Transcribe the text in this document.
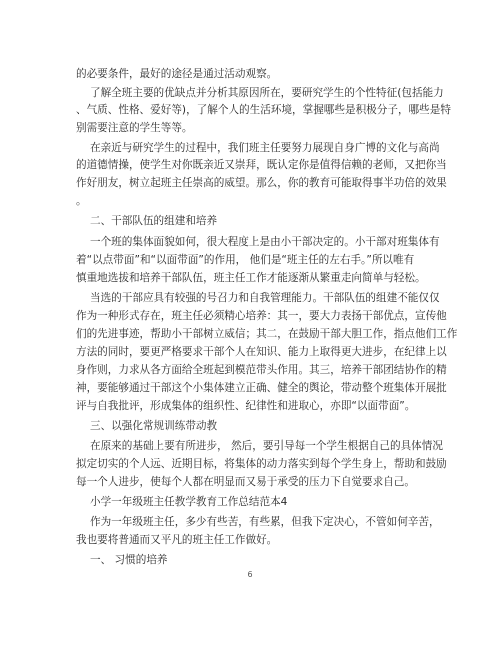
的必要条件，最好的途径是通过活动观察。
了解全班主要的优缺点并分析其原因所在，要研究学生的个性特征(包括能力
、气质、性格、爱好等)，了解个人的生活环境，掌握哪些是积极分子，哪些是特
别需要注意的学生等等。
在亲近与研究学生的过程中，我们班主任要努力展现自身广博的文化与高尚
的道德情操，使学生对你既亲近又崇拜，既认定你是值得信赖的老师，又把你当
作好朋友，树立起班主任崇高的威望。那么，你的教育可能取得事半功倍的效果
。
二、干部队伍的组建和培养
一个班的集体面貌如何，很大程度上是由小干部决定的。小干部对班集体有
着“以点带面”和“以面带面”的作用， 他们是“班主任的左右手。”所以唯有
慎重地选拔和培养干部队伍，班主任工作才能逐渐从繁重走向简单与轻松。
当选的干部应具有较强的号召力和自我管理能力。干部队伍的组建不能仅仅
作为一种形式存在，班主任必须精心培养：其一，要大力表扬干部优点，宣传他
们的先进事迹，帮助小干部树立威信；其二，在鼓励干部大胆工作，指点他们工作
方法的同时，要更严格要求干部个人在知识、能力上取得更大进步，在纪律上以
身作则，力求从各方面给全班起到模范带头作用。其三，培养干部团结协作的精
神，要能够通过干部这个小集体建立正确、健全的舆论，带动整个班集体开展批
评与自我批评，形成集体的组织性、纪律性和进取心，亦即“以面带面”。
三、以强化常规训练带动教
在原来的基础上要有所进步， 然后，要引导每一个学生根据自己的具体情况
拟定切实的个人远、近期目标，将集体的动力落实到每个学生身上，帮助和鼓励
每一个人进步，使每个人都在明显而又易于承受的压力下自觉要求自己。
小学一年级班主任教学教育工作总结范本4
作为一年级班主任，多少有些苦，有些累，但我下定决心，不管如何辛苦，
我也要将普通而又平凡的班主任工作做好。
一、 习惯的培养
6
